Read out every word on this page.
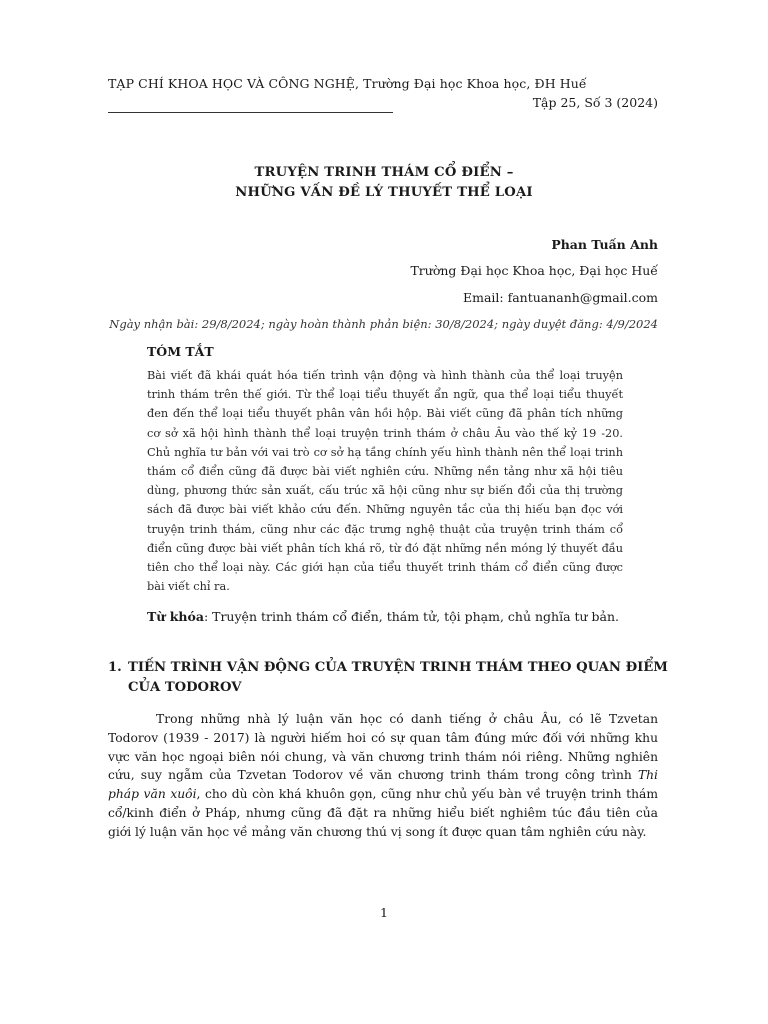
TẠP CHÍ KHOA HỌC VÀ CÔNG NGHỆ, Trường Đại học Khoa học, ĐH Huế
Tập 25, Số 3 (2024)
TRUYỆN TRINH THÁM CỔ ĐIỂN –
NHỮNG VẤN ĐỀ LÝ THUYẾT THỂ LOẠI
Phan Tuấn Anh
Trường Đại học Khoa học, Đại học Huế
Email: fantuananh@gmail.com
Ngày nhận bài: 29/8/2024; ngày hoàn thành phản biện: 30/8/2024; ngày duyệt đăng: 4/9/2024
TÓM TẮT
Bài viết đã khái quát hóa tiến trình vận động và hình thành của thể loại truyện trinh thám trên thế giới. Từ thể loại tiểu thuyết ẩn ngữ, qua thể loại tiểu thuyết đen đến thể loại tiểu thuyết phân vân hồi hộp. Bài viết cũng đã phân tích những cơ sở xã hội hình thành thể loại truyện trinh thám ở châu Âu vào thế kỷ 19 -20. Chủ nghĩa tư bản với vai trò cơ sở hạ tầng chính yếu hình thành nên thể loại trinh thám cổ điển cũng đã được bài viết nghiên cứu. Những nền tảng như xã hội tiêu dùng, phương thức sản xuất, cấu trúc xã hội cũng như sự biến đổi của thị trường sách đã được bài viết khảo cứu đến. Những nguyên tắc của thị hiếu bạn đọc với truyện trinh thám, cũng như các đặc trưng nghệ thuật của truyện trinh thám cổ điển cũng được bài viết phân tích khá rõ, từ đó đặt những nền móng lý thuyết đầu tiên cho thể loại này. Các giới hạn của tiểu thuyết trinh thám cổ điển cũng được bài viết chỉ ra.
Từ khóa: Truyện trinh thám cổ điển, thám tử, tội phạm, chủ nghĩa tư bản.
1. TIẾN TRÌNH VẬN ĐỘNG CỦA TRUYỆN TRINH THÁM THEO QUAN ĐIỂM CỦA TODOROV
Trong những nhà lý luận văn học có danh tiếng ở châu Âu, có lẽ Tzvetan Todorov (1939 - 2017) là người hiếm hoi có sự quan tâm đúng mức đối với những khu vực văn học ngoại biên nói chung, và văn chương trinh thám nói riêng. Những nghiên cứu, suy ngẫm của Tzvetan Todorov về văn chương trinh thám trong công trình Thi pháp văn xuôi, cho dù còn khá khuôn gọn, cũng như chủ yếu bàn về truyện trinh thám cổ/kinh điển ở Pháp, nhưng cũng đã đặt ra những hiểu biết nghiêm túc đầu tiên của giới lý luận văn học về mảng văn chương thú vị song ít được quan tâm nghiên cứu này.
1
